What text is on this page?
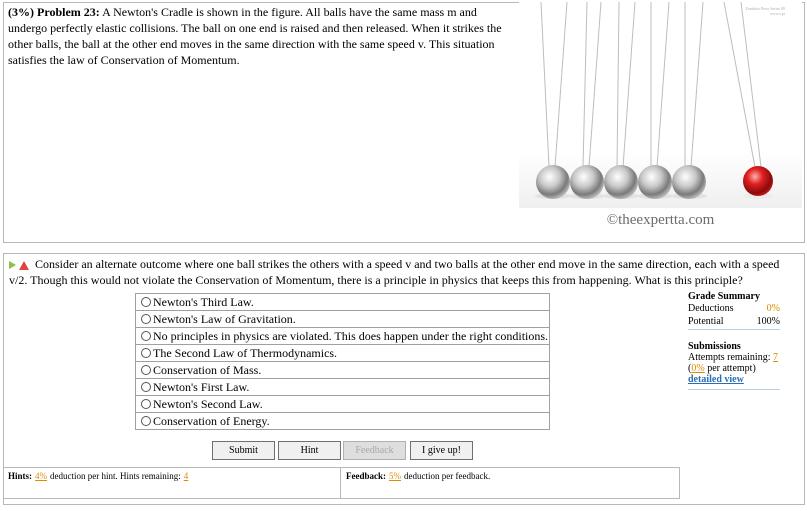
(3%) Problem 23: A Newton's Cradle is shown in the figure. All balls have the same mass m and undergo perfectly elastic collisions. The ball on one end is raised and then released. When it strikes the other balls, the ball at the other end moves in the same direction with the same speed v. This situation satisfies the law of Conservation of Momentum.
Fundatio Press Series 89 www.s.pt
©theexpertta.com
Consider an alternate outcome where one ball strikes the others with a speed v and two balls at the other end move in the same direction, each with a speed v/2. Though this would not violate the Conservation of Momentum, there is a principle in physics that keeps this from happening. What is this principle?
Newton's Third Law.
Newton's Law of Gravitation.
No principles in physics are violated. This does happen under the right conditions.
The Second Law of Thermodynamics.
Conservation of Mass.
Newton's First Law.
Newton's Second Law.
Conservation of Energy.
Grade Summary
Deductions	0%
Potential	100%
Submissions
Attempts remaining: 7
(0% per attempt)
detailed view
Submit	Hint	Feedback	I give up!
Hints: 4% deduction per hint. Hints remaining: 4	Feedback: 5% deduction per feedback.
